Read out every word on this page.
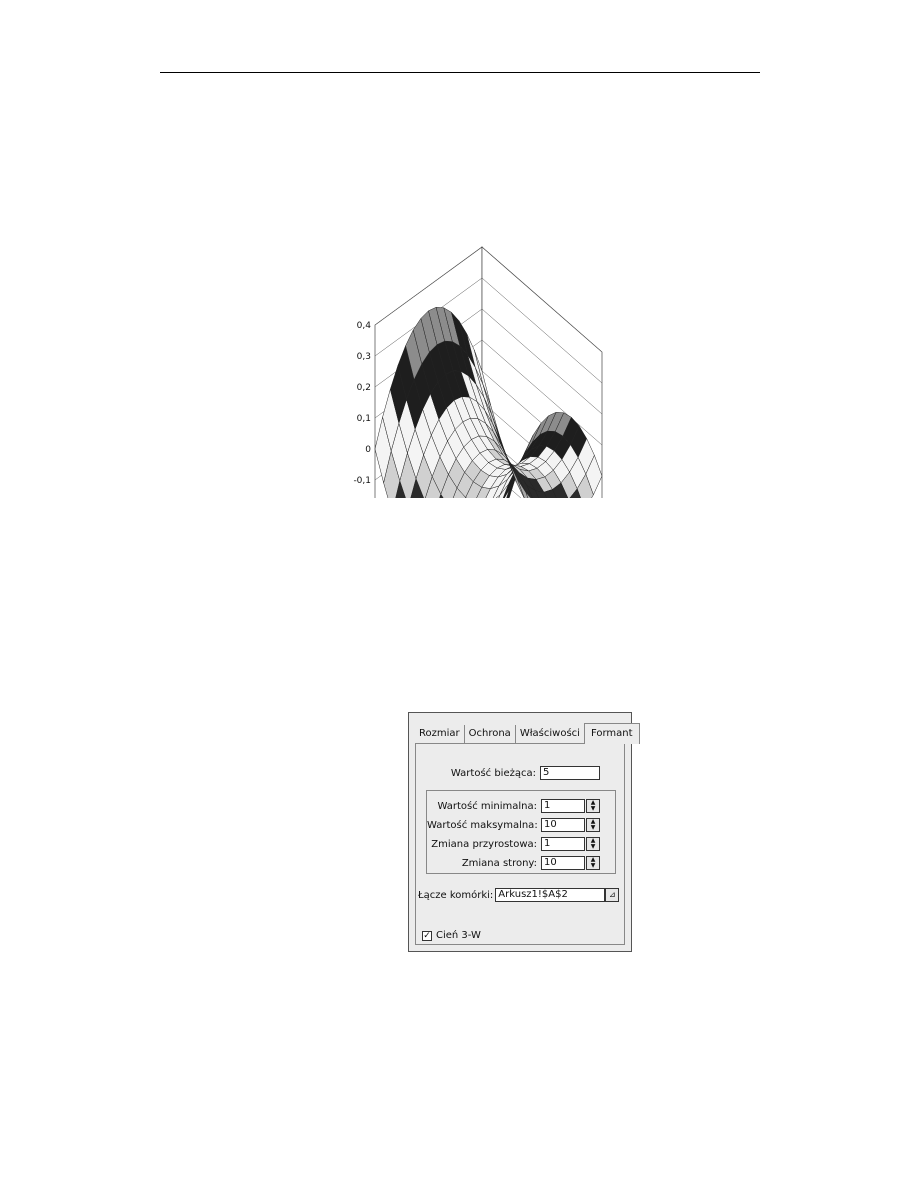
0,4
0,3
0,2
0,1
0
-0,1
Rozmiar Ochrona Właściwości	Formant
Wartość bieżąca: 5
Wartość minimalna: 1	▲
▼
Wartość maksymalna: 10	▲
▼
Zmiana przyrostowa: 1	▲
▼
Zmiana strony: 10	▲
▼
Łącze komórki: Arkusz1!$A$2	⊿
✓ Cień 3-W
